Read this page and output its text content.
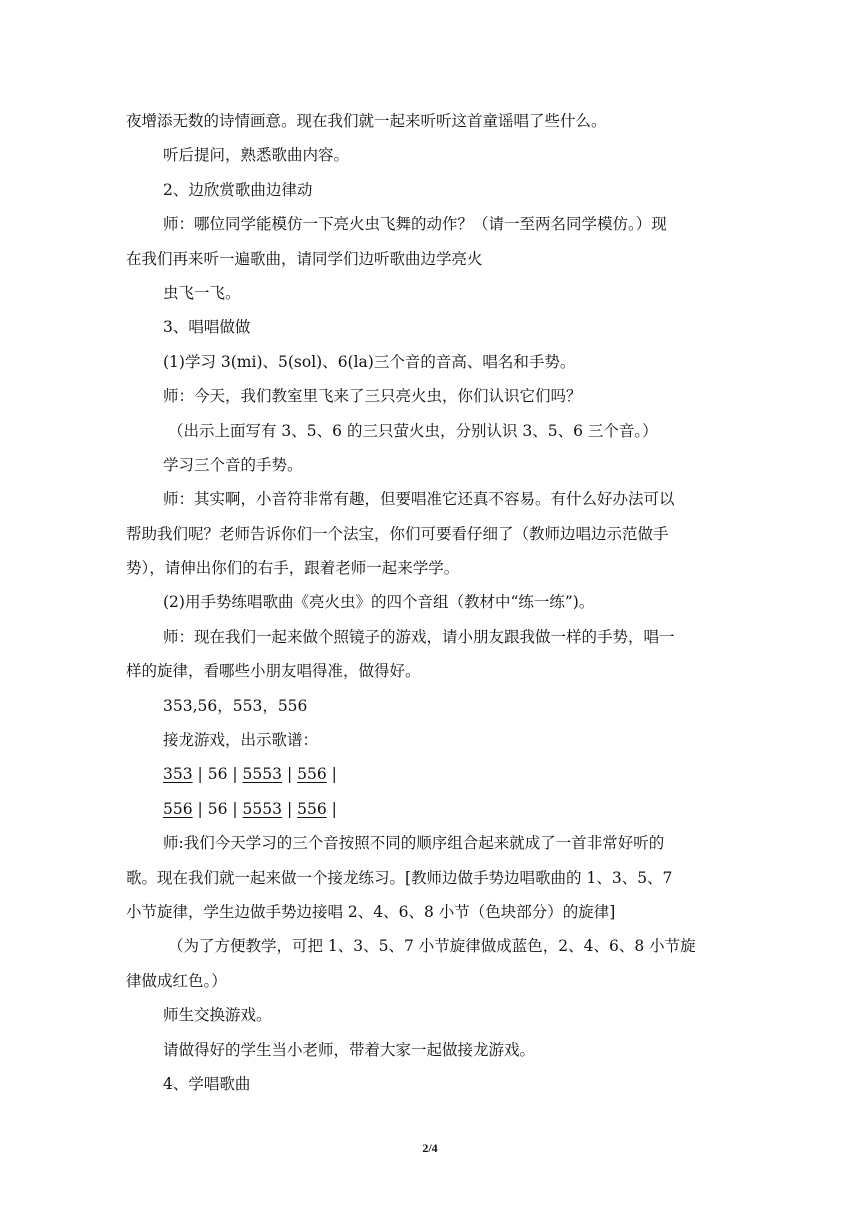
夜增添无数的诗情画意。现在我们就一起来听听这首童谣唱了些什么。

听后提问，熟悉歌曲内容。

2、边欣赏歌曲边律动

师：哪位同学能模仿一下亮火虫飞舞的动作？（请一至两名同学模仿。）现

在我们再来听一遍歌曲，请同学们边听歌曲边学亮火

虫飞一飞。

3、唱唱做做

(1)学习 3(mi)、5(sol)、6(la)三个音的音高、唱名和手势。

师：今天，我们教室里飞来了三只亮火虫，你们认识它们吗？

（出示上面写有 3、5、6 的三只萤火虫，分别认识 3、5、6 三个音。）

学习三个音的手势。

师：其实啊，小音符非常有趣，但要唱准它还真不容易。有什么好办法可以

帮助我们呢？老师告诉你们一个法宝，你们可要看仔细了（教师边唱边示范做手

势），请伸出你们的右手，跟着老师一起来学学。

(2)用手势练唱歌曲《亮火虫》的四个音组（教材中“练一练”)。

师：现在我们一起来做个照镜子的游戏，请小朋友跟我做一样的手势，唱一

样的旋律，看哪些小朋友唱得准，做得好。

353,56，553，556

接龙游戏，出示歌谱：

353 | 56 | 5553 | 556 |

556 | 56 | 5553 | 556 |

师:我们今天学习的三个音按照不同的顺序组合起来就成了一首非常好听的

歌。现在我们就一起来做一个接龙练习。[教师边做手势边唱歌曲的 1、3、5、7

小节旋律，学生边做手势边接唱 2、4、6、8 小节（色块部分）的旋律]

（为了方便教学，可把 1、3、5、7 小节旋律做成蓝色，2、4、6、8 小节旋

律做成红色。）

师生交换游戏。

请做得好的学生当小老师，带着大家一起做接龙游戏。

4、学唱歌曲

2/4
